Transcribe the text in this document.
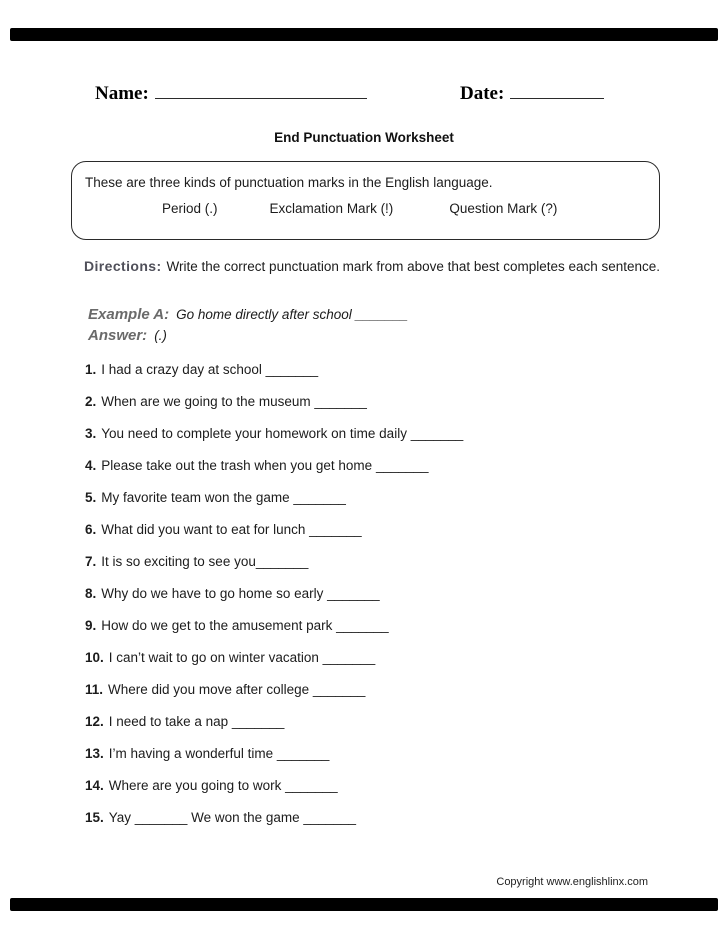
Name:	Date:
End Punctuation Worksheet
These are three kinds of punctuation marks in the English language.
Period (.)	Exclamation Mark (!)	Question Mark (?)
Directions: Write the correct punctuation mark from above that best completes each sentence.
Example A: Go home directly after school _______
Answer: (.)
1. I had a crazy day at school _______
2. When are we going to the museum _______
3. You need to complete your homework on time daily _______
4. Please take out the trash when you get home _______
5. My favorite team won the game _______
6. What did you want to eat for lunch _______
7. It is so exciting to see you_______
8. Why do we have to go home so early _______
9. How do we get to the amusement park _______
10. I can’t wait to go on winter vacation _______
11. Where did you move after college _______
12. I need to take a nap _______
13. I’m having a wonderful time _______
14. Where are you going to work _______
15. Yay _______ We won the game _______
Copyright www.englishlinx.com
